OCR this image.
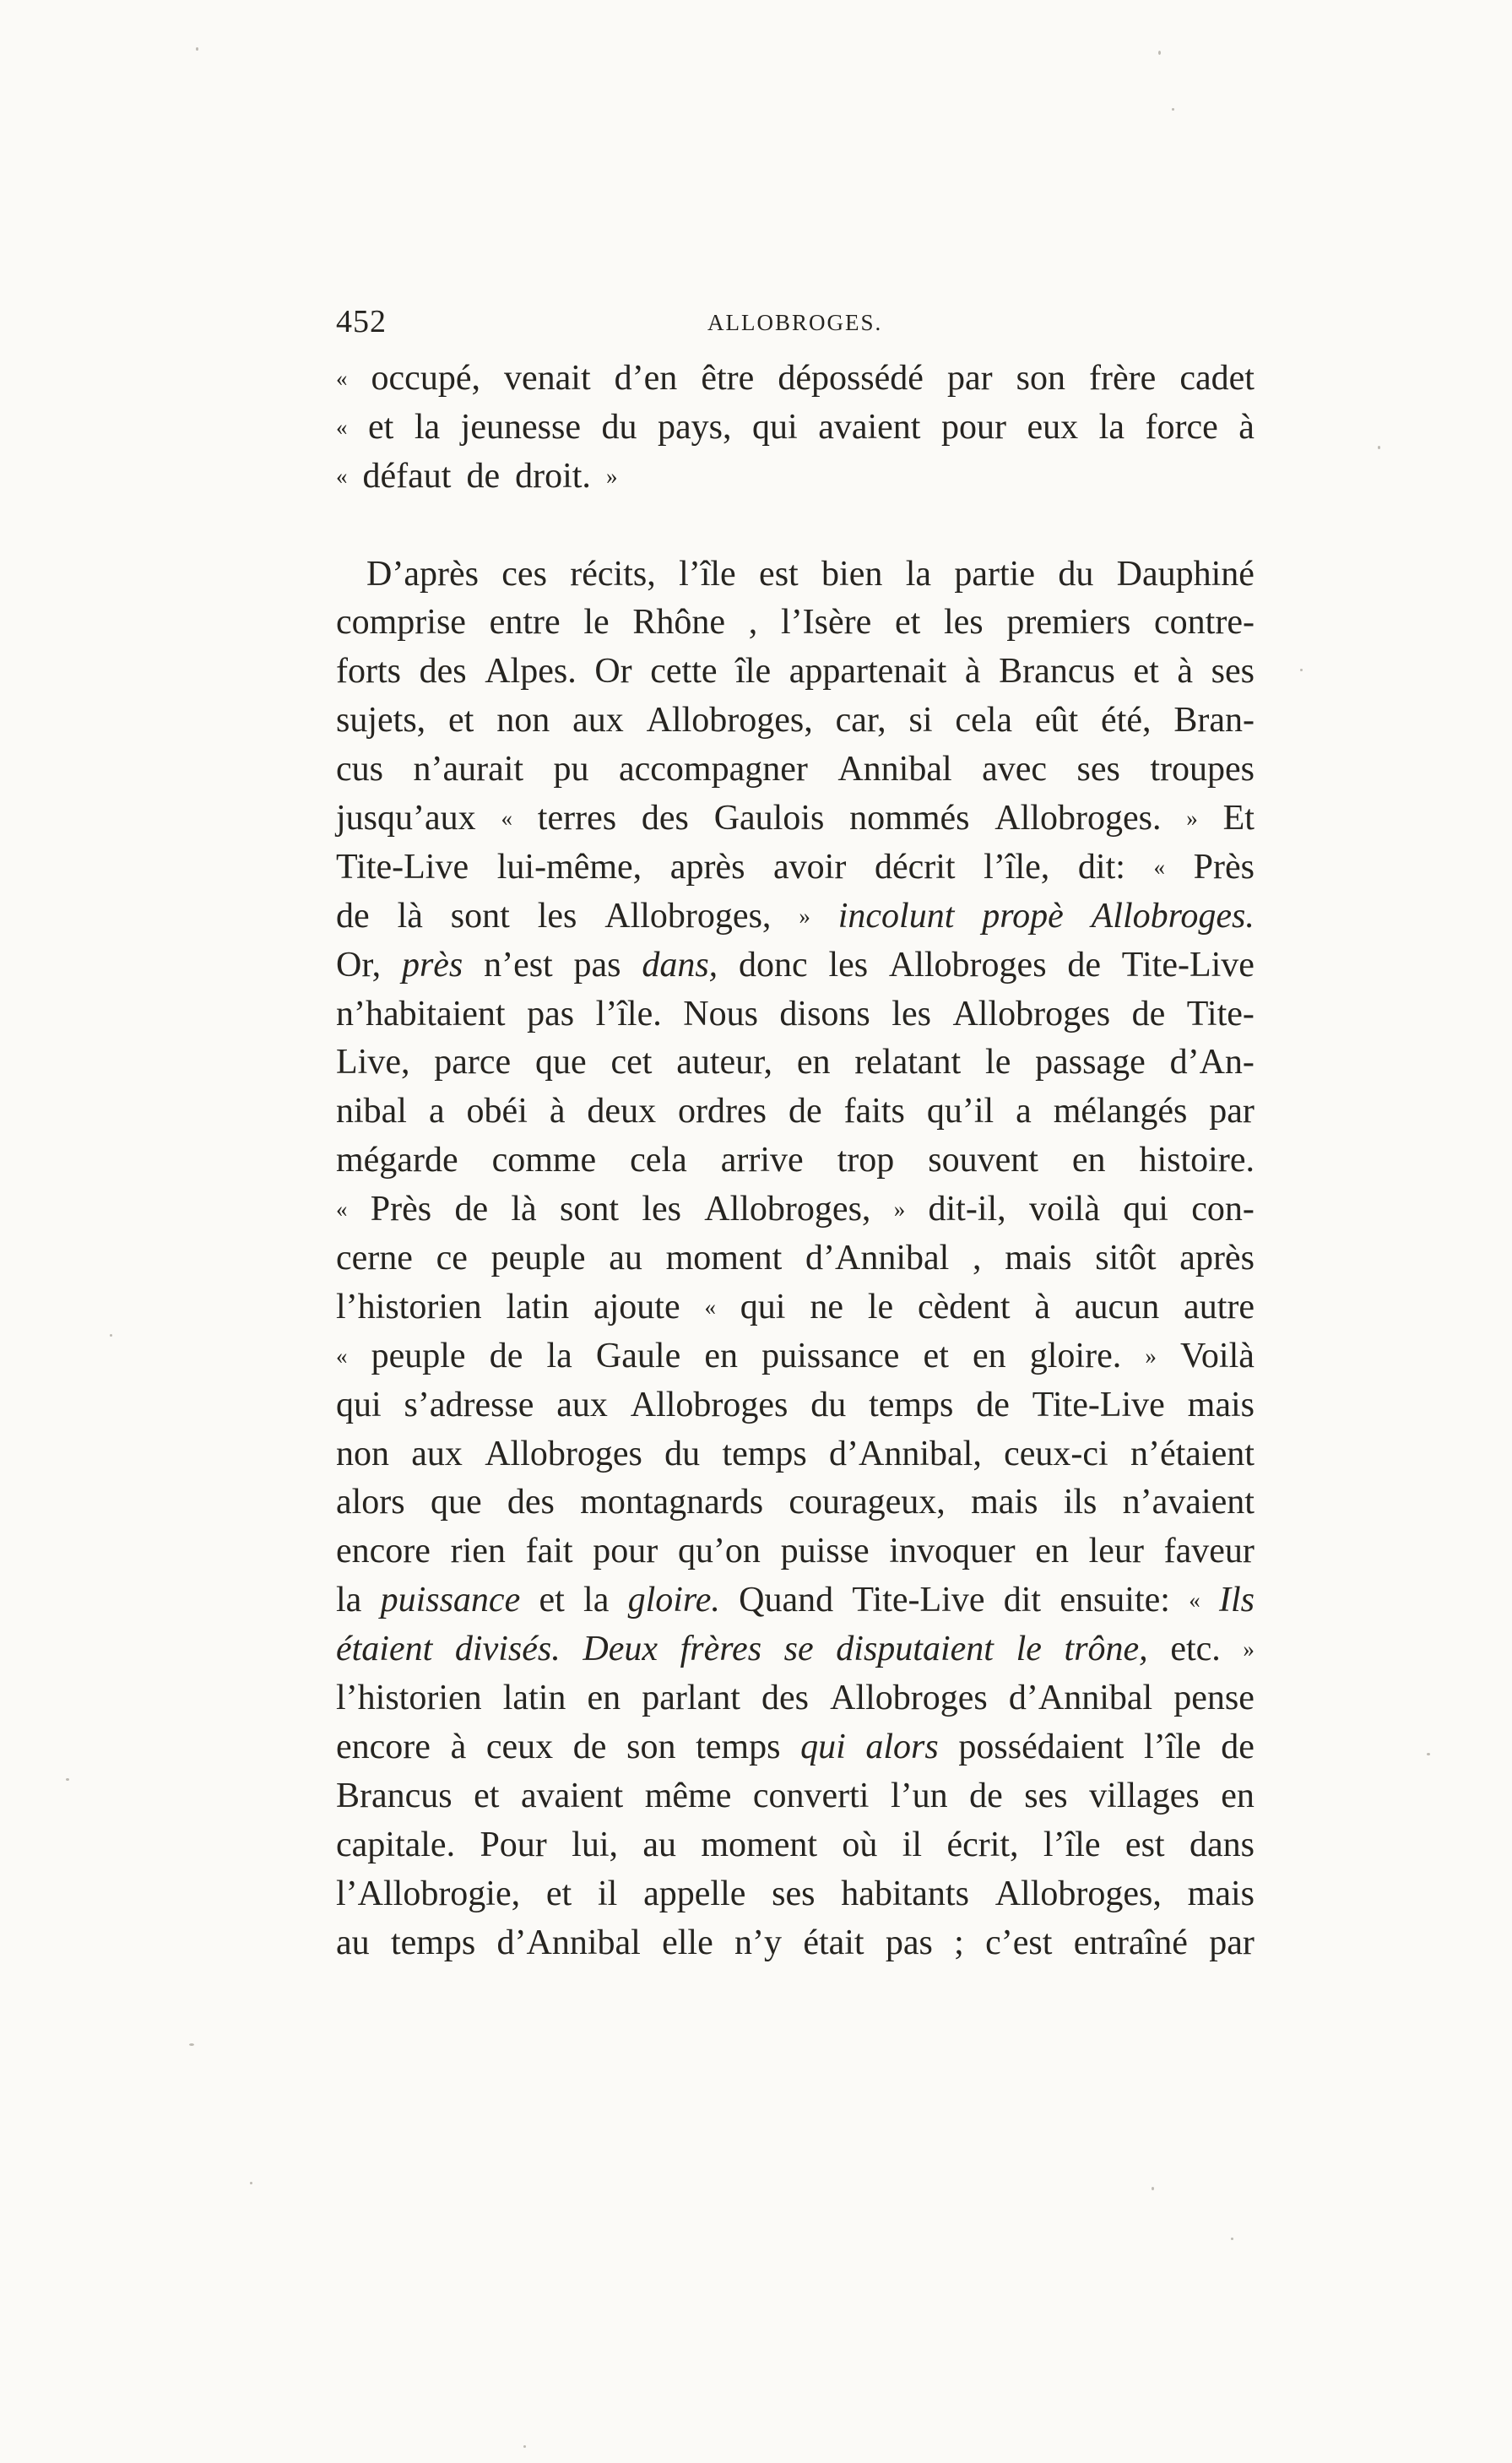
452	ALLOBROGES.
« occupé, venait d’en être dépossédé par son frère cadet
« et la jeunesse du pays, qui avaient pour eux la force à
« défaut de droit. »
D’après ces récits, l’île est bien la partie du Dauphiné
comprise entre le Rhône , l’Isère et les premiers contre-
forts des Alpes. Or cette île appartenait à Brancus et à ses
sujets, et non aux Allobroges, car, si cela eût été, Bran-
cus n’aurait pu accompagner Annibal avec ses troupes
jusqu’aux « terres des Gaulois nommés Allobroges. » Et
Tite-Live lui-même, après avoir décrit l’île, dit: « Près
de là sont les Allobroges, » incolunt propè Allobroges.
Or, près n’est pas dans, donc les Allobroges de Tite-Live
n’habitaient pas l’île. Nous disons les Allobroges de Tite-
Live, parce que cet auteur, en relatant le passage d’An-
nibal a obéi à deux ordres de faits qu’il a mélangés par
mégarde comme cela arrive trop souvent en histoire.
« Près de là sont les Allobroges, » dit-il, voilà qui con-
cerne ce peuple au moment d’Annibal , mais sitôt après
l’historien latin ajoute « qui ne le cèdent à aucun autre
« peuple de la Gaule en puissance et en gloire. » Voilà
qui s’adresse aux Allobroges du temps de Tite-Live mais
non aux Allobroges du temps d’Annibal, ceux-ci n’étaient
alors que des montagnards courageux, mais ils n’avaient
encore rien fait pour qu’on puisse invoquer en leur faveur
la puissance et la gloire. Quand Tite-Live dit ensuite: « Ils
étaient divisés. Deux frères se disputaient le trône, etc. »
l’historien latin en parlant des Allobroges d’Annibal pense
encore à ceux de son temps qui alors possédaient l’île de
Brancus et avaient même converti l’un de ses villages en
capitale. Pour lui, au moment où il écrit, l’île est dans
l’Allobrogie, et il appelle ses habitants Allobroges, mais
au temps d’Annibal elle n’y était pas ; c’est entraîné par
